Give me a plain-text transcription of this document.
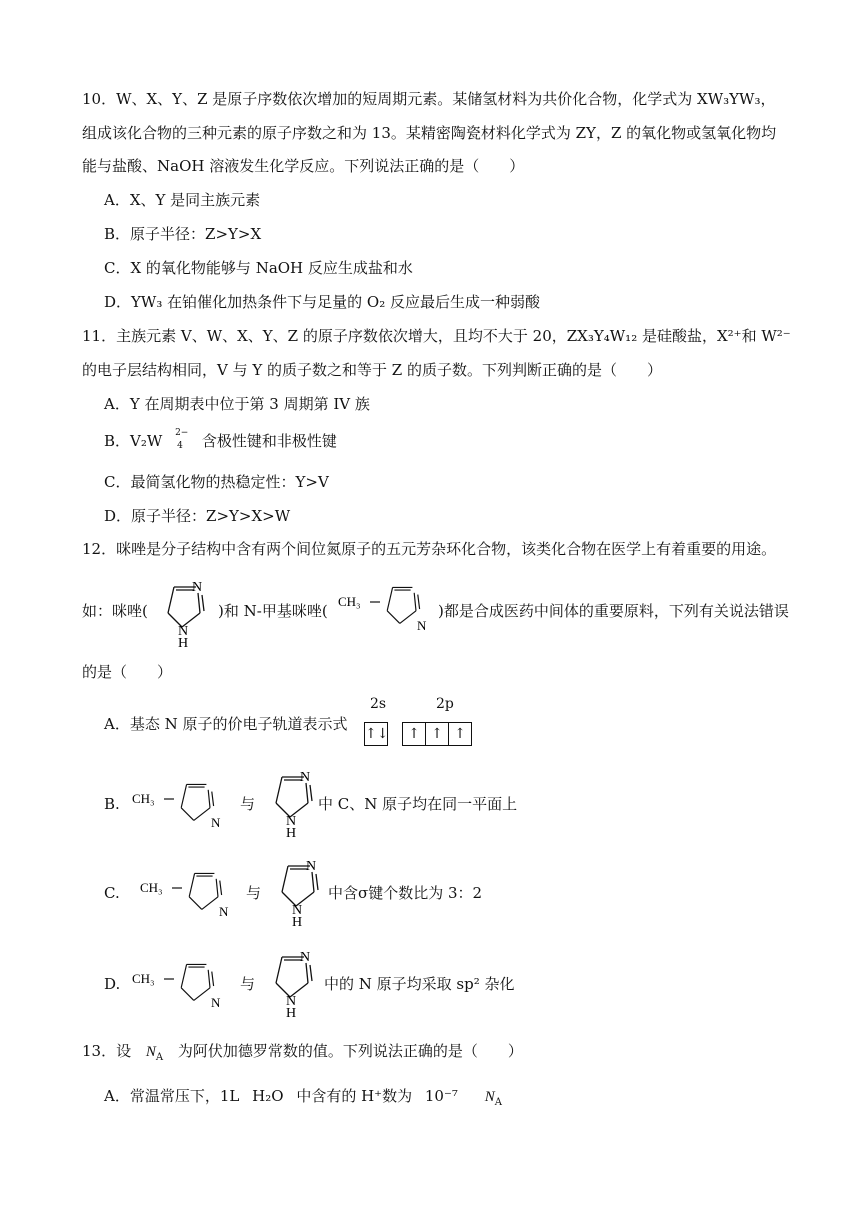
10．W、X、Y、Z 是原子序数依次增加的短周期元素。某储氢材料为共价化合物，化学式为 XW₃YW₃，
组成该化合物的三种元素的原子序数之和为 13。某精密陶瓷材料化学式为 ZY，Z 的氧化物或氢氧化物均
能与盐酸、NaOH 溶液发生化学反应。下列说法正确的是（　　）
A．X、Y 是同主族元素
B．原子半径：Z>Y>X
C．X 的氧化物能够与 NaOH 反应生成盐和水
D．YW₃ 在铂催化加热条件下与足量的 O₂ 反应最后生成一种弱酸
11．主族元素 V、W、X、Y、Z 的原子序数依次增大，且均不大于 20，ZX₃Y₄W₁₂ 是硅酸盐，X²⁺和 W²⁻
的电子层结构相同，V 与 Y 的质子数之和等于 Z 的质子数。下列判断正确的是（　　）
A．Y 在周期表中位于第 3 周期第 IV 族
B．V₂W 2−
4 含极性键和非极性键
C．最简氢化物的热稳定性：Y>V
D．原子半径：Z>Y>X>W
12．咪唑是分子结构中含有两个间位氮原子的五元芳杂环化合物，该类化合物在医学上有着重要的用途。
如：咪唑(
N
N
H
)和 N-甲基咪唑(
CH₃
N
)都是合成医药中间体的重要原料，下列有关说法错误
的是（　　）
A．基态 N 原子的价电子轨道表示式
2s	2p
↑↓	↑ ↑ ↑
B. CH₃
N
与
N
N
H
中 C、N 原子均在同一平面上
C. CH₃
N
与
N
N
H
中含σ键个数比为 3：2
D. CH₃
N
与
N
N
H
中的 N 原子均采取 sp² 杂化
13．设 $N_A$ 为阿伏加德罗常数的值。下列说法正确的是（　　）
A．常温常压下，1L H₂O 中含有的 H⁺数为 10⁻⁷ $N_A$
